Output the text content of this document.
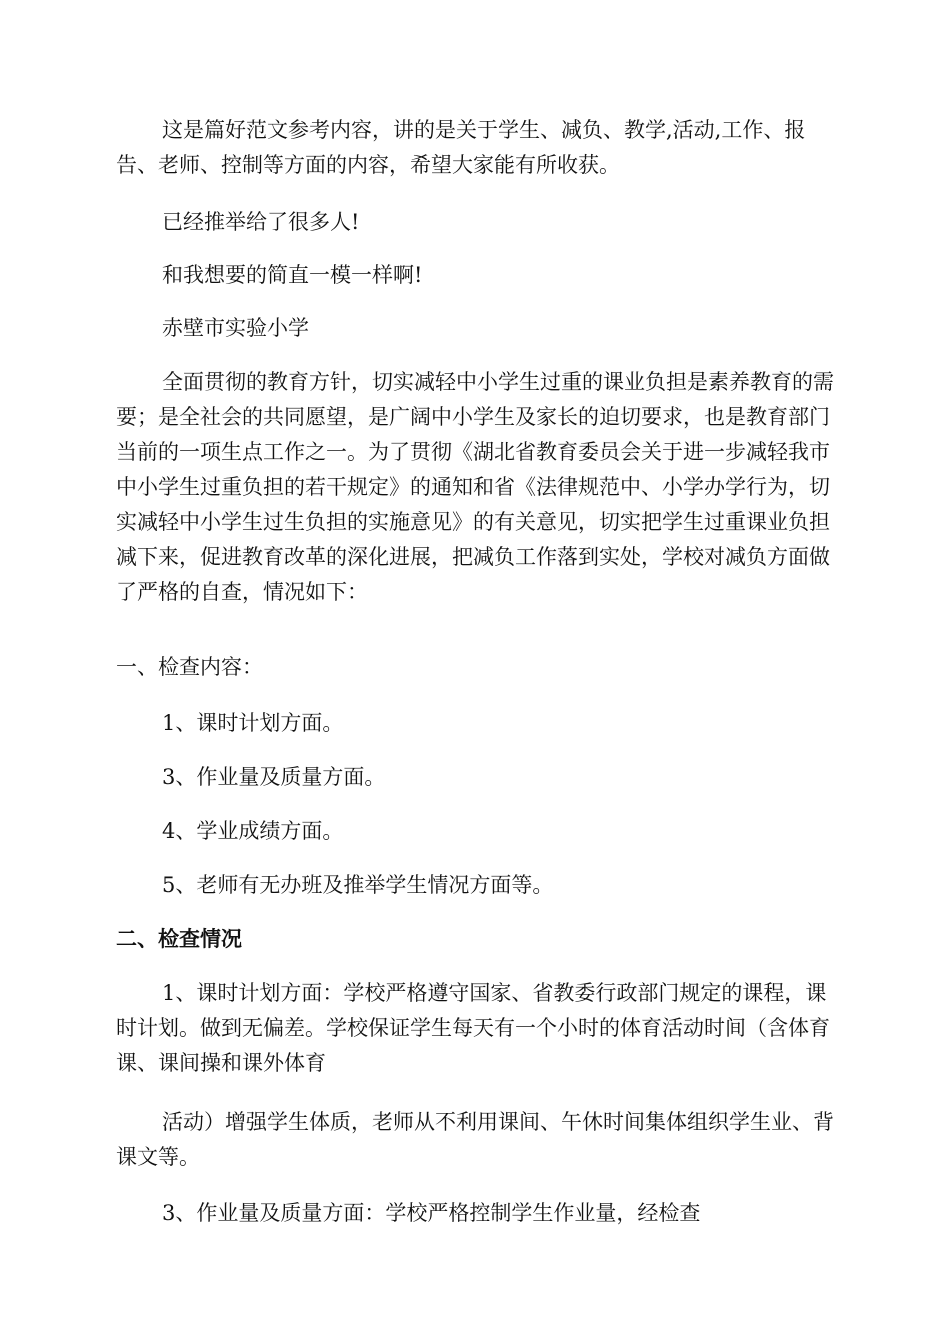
这是篇好范文参考内容，讲的是关于学生、减负、教学,活动,工作、报告、老师、控制等方面的内容，希望大家能有所收获。

已经推举给了很多人!

和我想要的简直一模一样啊!

赤壁市实验小学

全面贯彻的教育方针，切实减轻中小学生过重的课业负担是素养教育的需要；是全社会的共同愿望，是广阔中小学生及家长的迫切要求，也是教育部门当前的一项生点工作之一。为了贯彻《湖北省教育委员会关于进一步减轻我市中小学生过重负担的若干规定》的通知和省《法律规范中、小学办学行为，切实减轻中小学生过生负担的实施意见》的有关意见，切实把学生过重课业负担减下来，促进教育改革的深化进展，把减负工作落到实处，学校对减负方面做了严格的自查，情况如下：

一、检查内容：

1、课时计划方面。

3、作业量及质量方面。

4、学业成绩方面。

5、老师有无办班及推举学生情况方面等。

二、检查情况

1、课时计划方面：学校严格遵守国家、省教委行政部门规定的课程，课时计划。做到无偏差。学校保证学生每天有一个小时的体育活动时间（含体育课、课间操和课外体育

活动）增强学生体质，老师从不利用课间、午休时间集体组织学生业、背课文等。

3、作业量及质量方面：学校严格控制学生作业量，经检查
